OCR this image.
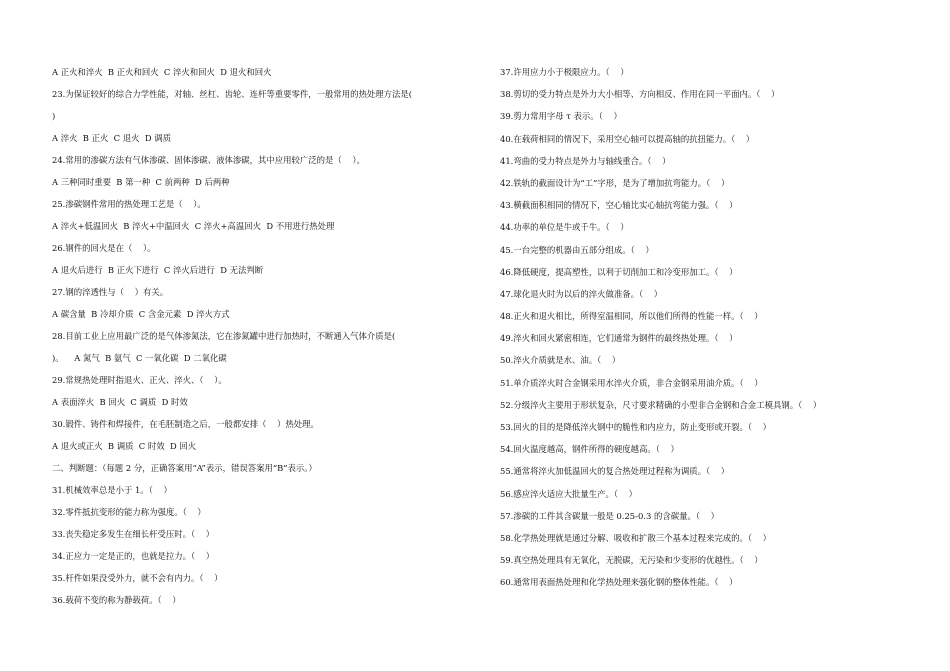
A 正火和淬火  B 正火和回火  C 淬火和回火  D 退火和回火
23.为保证较好的综合力学性能，对轴、丝杠、齿轮、连杆等重要零件，一般常用的热处理方法是(
)
A 淬火  B 正火  C 退火  D 调质
24.常用的渗碳方法有气体渗碳、固体渗碳、液体渗碳，其中应用较广泛的是（    ）。
A 三种同时重要  B 第一种  C 前两种  D 后两种
25.渗碳钢件常用的热处理工艺是（    ）。
A 淬火+低温回火  B 淬火+中温回火  C 淬火+高温回火  D 不用进行热处理
26.钢件的回火是在（    ）。
A 退火后进行  B 正火下进行  C 淬火后进行  D 无法判断
27.钢的淬透性与（    ）有关。
A 碳含量  B 冷却介质  C 含金元素  D 淬火方式
28.目前工业上应用最广泛的是气体渗氮法，它在渗氮罐中进行加热时，不断通入气体介质是(
)。    A 氮气  B 氨气  C 一氧化碳  D 二氧化碳
29.常规热处理时指退火、正火、淬火、（    ）。
A 表面淬火  B 回火  C 调质  D 时效
30.锻件、铸件和焊接件，在毛胚制造之后，一般都安排（    ）热处理。
A 退火或正火  B 调质  C 时效  D 回火
二、判断题：（每题 2 分，正确答案用“A”表示，错误答案用“B”表示。）
31.机械效率总是小于 1。（    ）
32.零件抵抗变形的能力称为强度。（    ）
33.丧失稳定多发生在细长杆受压时。（    ）
34.正应力一定是正的，也就是拉力。（    ）
35.杆件如果没受外力，就不会有内力。（    ）
36.载荷不变的称为静载荷。（    ）
37.许用应力小于极限应力。（    ）
38.剪切的受力特点是外力大小相等、方向相反、作用在同一平面内。（    ）
39.剪力常用字母 τ 表示。（    ）
40.在载荷相同的情况下，采用空心轴可以提高轴的抗扭能力。（    ）
41.弯曲的受力特点是外力与轴线重合。（    ）
42.铁轨的截面设计为“工”字形，是为了增加抗弯能力。（    ）
43.横截面积相同的情况下，空心轴比实心轴抗弯能力强。（    ）
44.功率的单位是牛或千牛。（    ）
45.一台完整的机器由五部分组成。（    ）
46.降低硬度，提高塑性，以利于切削加工和冷变形加工。（    ）
47.球化退火时为以后的淬火做准备。（    ）
48.正火和退火相比，所得室温相同，所以他们所得的性能一样。（    ）
49.淬火和回火紧密相连，它们通常为钢件的最终热处理。（    ）
50.淬火介质就是水、油。（    ）
51.单介质淬火时合金钢采用水淬火介质，非合金钢采用油介质。（    ）
52.分级淬火主要用于形状复杂，尺寸要求精确的小型非合金钢和合金工模具钢。（    ）
53.回火的目的是降低淬火钢中的脆性和内应力，防止变形或开裂。（    ）
54.回火温度越高，钢件所得的硬度越高。（    ）
55.通常将淬火加低温回火的复合热处理过程称为调质。（    ）
56.感应淬火适应大批量生产。（    ）
57.渗碳的工件其含碳量一般是 0.25-0.3 的含碳量。（    ）
58.化学热处理就是通过分解、吸收和扩散三个基本过程来完成的。（    ）
59.真空热处理具有无氧化，无脱碳，无污染和少变形的优越性。（    ）
60.通常用表面热处理和化学热处理来强化钢的整体性能。（    ）
